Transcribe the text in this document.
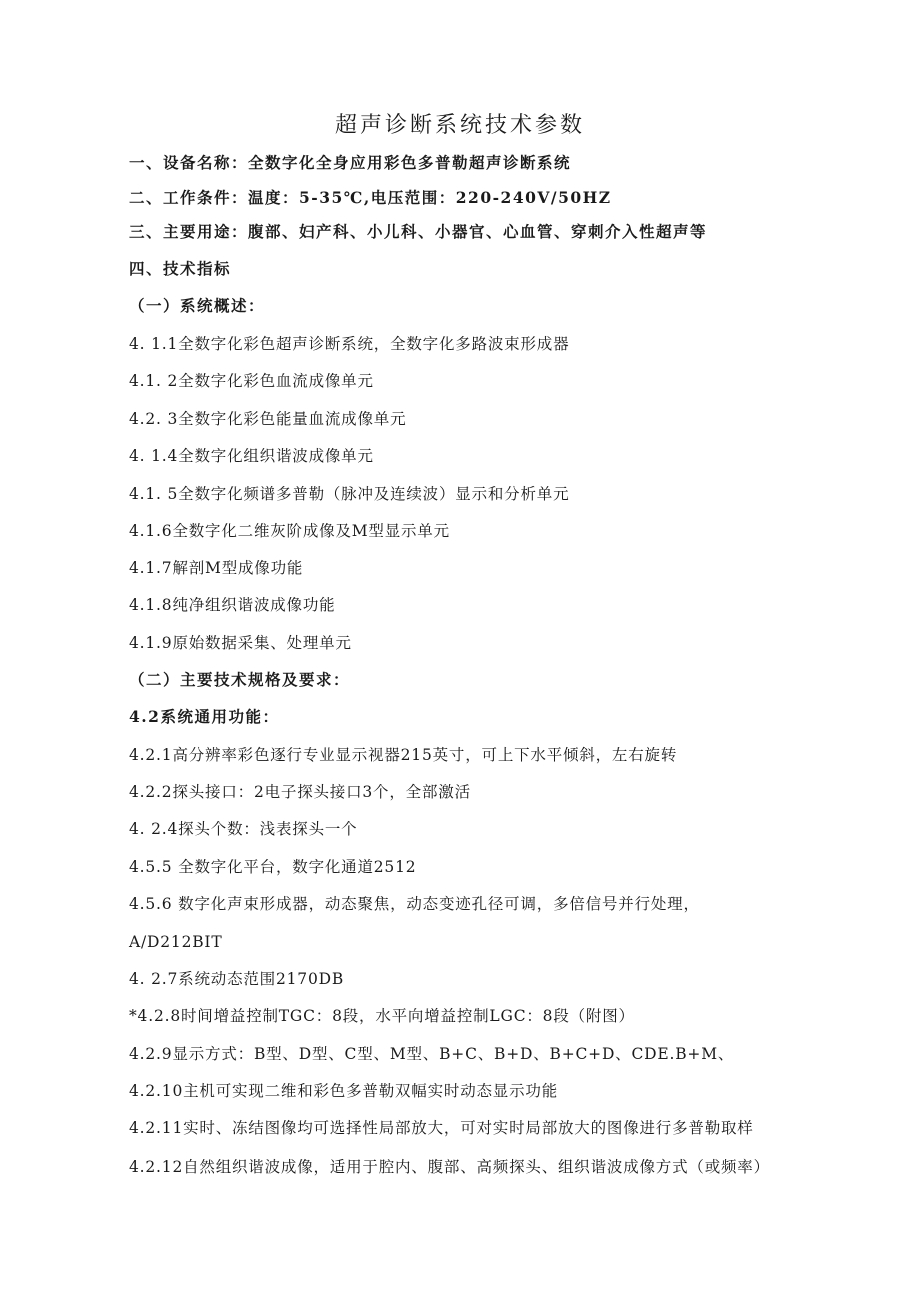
超声诊断系统技术参数
一、设备名称：全数字化全身应用彩色多普勒超声诊断系统
二、工作条件：温度：5-35℃,电压范围：220-240V/50HZ
三、主要用途：腹部、妇产科、小儿科、小器官、心血管、穿刺介入性超声等
四、技术指标
（一）系统概述：
4. 1.1全数字化彩色超声诊断系统，全数字化多路波束形成器
4.1. 2全数字化彩色血流成像单元
4.2. 3全数字化彩色能量血流成像单元
4. 1.4全数字化组织谐波成像单元
4.1. 5全数字化频谱多普勒（脉冲及连续波）显示和分析单元
4.1.6全数字化二维灰阶成像及M型显示单元
4.1.7解剖M型成像功能
4.1.8纯净组织谐波成像功能
4.1.9原始数据采集、处理单元
（二）主要技术规格及要求：
4.2系统通用功能：
4.2.1高分辨率彩色逐行专业显示视器215英寸，可上下水平倾斜，左右旋转
4.2.2探头接口：2电子探头接口3个，全部激活
4. 2.4探头个数：浅表探头一个
4.5.5 全数字化平台，数字化通道2512
4.5.6 数字化声束形成器，动态聚焦，动态变迹孔径可调，多倍信号并行处理，
A/D212BIT
4. 2.7系统动态范围2170DB
*4.2.8时间增益控制TGC：8段，水平向增益控制LGC：8段（附图）
4.2.9显示方式：B型、D型、C型、M型、B+C、B+D、B+C+D、CDE.B+M、
4.2.10主机可实现二维和彩色多普勒双幅实时动态显示功能
4.2.11实时、冻结图像均可选择性局部放大，可对实时局部放大的图像进行多普勒取样
4.2.12自然组织谐波成像，适用于腔内、腹部、高频探头、组织谐波成像方式（或频率）
